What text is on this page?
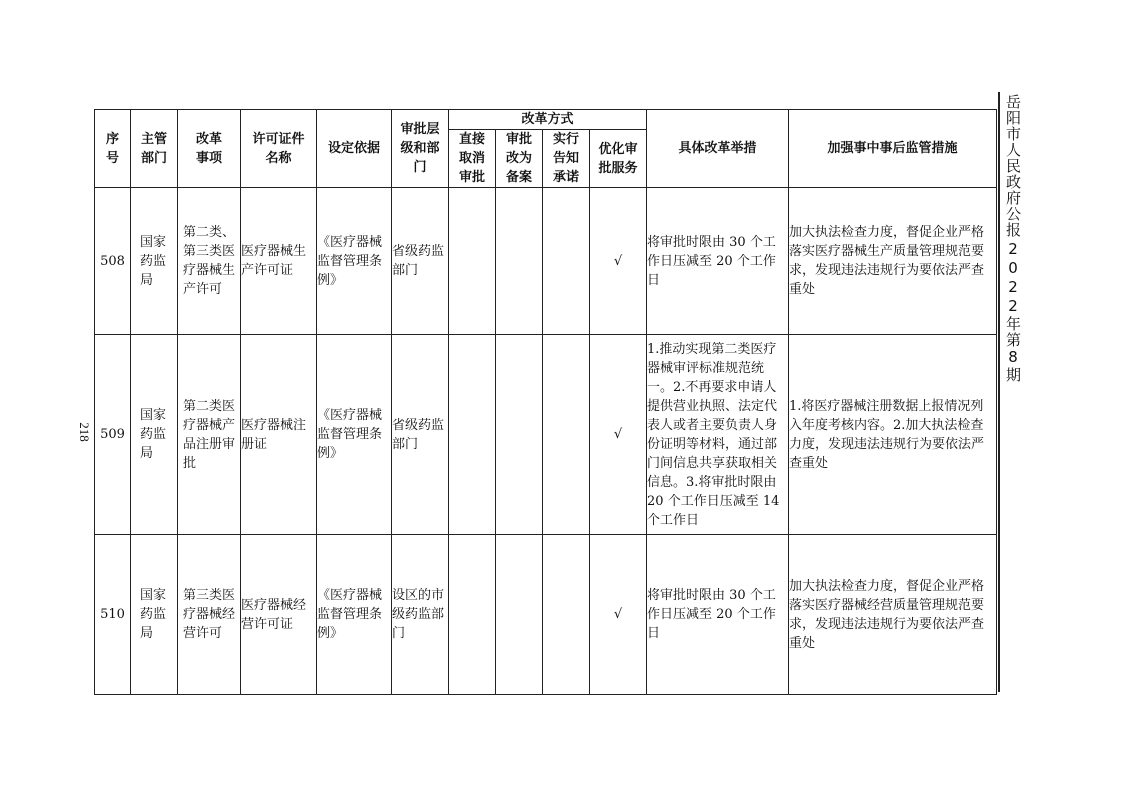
218
岳阳市人民政府公报
2022年第8期
序号	主管部门	改革事项	许可证件名称	设定依据	审批层级和部门	改革方式				具体改革举措	加强事中事后监管措施
						直接取消审批	审批改为备案	实行告知承诺	优化审批服务		
508	国家药监局	第二类、第三类医疗器械生产许可	医疗器械生产许可证	《医疗器械监督管理条例》	省级药监部门				√	将审批时限由 30 个工作日压减至 20 个工作日	加大执法检查力度，督促企业严格落实医疗器械生产质量管理规范要求，发现违法违规行为要依法严查重处
509	国家药监局	第二类医疗器械产品注册审批	医疗器械注册证	《医疗器械监督管理条例》	省级药监部门				√	1.推动实现第二类医疗器械审评标准规范统一。2.不再要求申请人提供营业执照、法定代表人或者主要负责人身份证明等材料，通过部门间信息共享获取相关信息。3.将审批时限由 20 个工作日压减至 14 个工作日	1.将医疗器械注册数据上报情况列入年度考核内容。2.加大执法检查力度，发现违法违规行为要依法严查重处
510	国家药监局	第三类医疗器械经营许可	医疗器械经营许可证	《医疗器械监督管理条例》	设区的市级药监部门				√	将审批时限由 30 个工作日压减至 20 个工作日	加大执法检查力度，督促企业严格落实医疗器械经营质量管理规范要求，发现违法违规行为要依法严查重处
